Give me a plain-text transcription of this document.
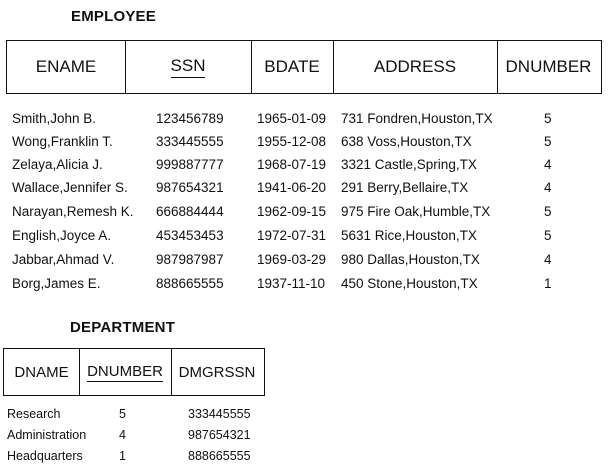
EMPLOYEE
ENAME	SSN	BDATE	ADDRESS	DNUMBER
Smith,John B.	123456789 1965-01-09 731 Fondren,Houston,TX	5
Wong,Franklin T.	333445555 1955-12-08 638 Voss,Houston,TX	5
Zelaya,Alicia J.	999887777 1968-07-19 3321 Castle,Spring,TX	4
Wallace,Jennifer S. 987654321 1941-06-20 291 Berry,Bellaire,TX	4
Narayan,Remesh K. 666884444 1962-09-15 975 Fire Oak,Humble,TX	5
English,Joyce A.	453453453 1972-07-31 5631 Rice,Houston,TX	5
Jabbar,Ahmad V.	987987987 1969-03-29 980 Dallas,Houston,TX	4
Borg,James E.	888665555 1937-11-10 450 Stone,Houston,TX	1
DEPARTMENT
DNAME DNUMBER DMGRSSN
Research	5	333445555
Administration	4	987654321
Headquarters	1	888665555
